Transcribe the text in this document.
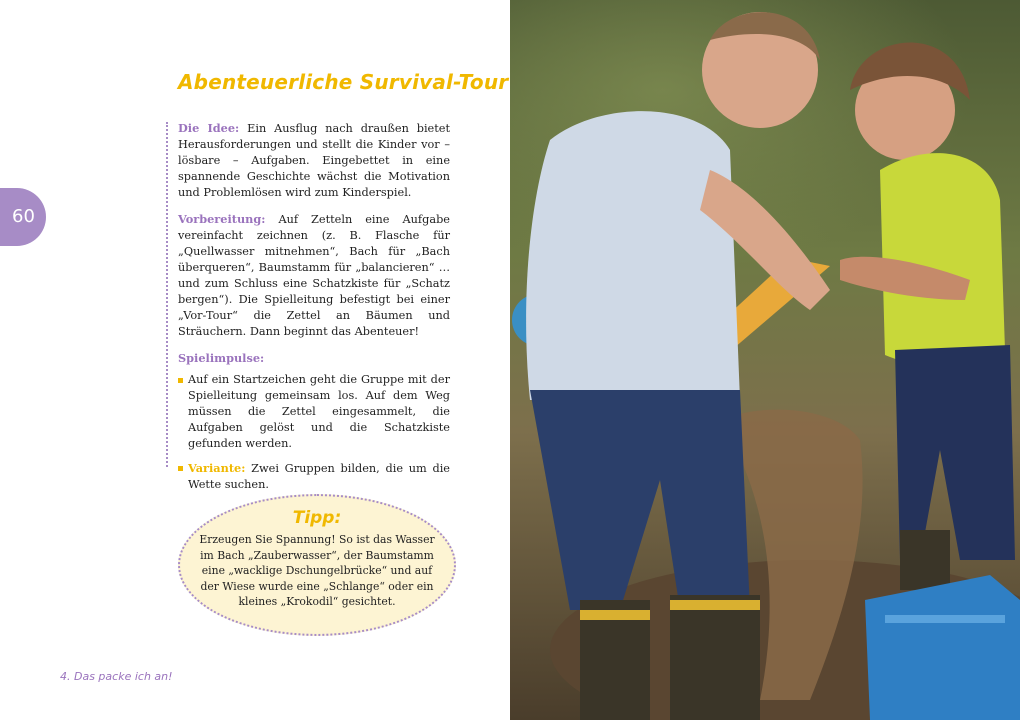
60
Abenteuerliche Survival-Tour

Die Idee: Ein Ausflug nach draußen bietet Herausforderungen und stellt die Kinder vor – lösbare – Aufgaben. Eingebettet in eine spannende Geschichte wächst die Motivation und Problemlösen wird zum Kinderspiel.

Vorbereitung: Auf Zetteln eine Aufgabe vereinfacht zeichnen (z. B. Flasche für „Quellwasser mitnehmen“, Bach für „Bach überqueren“, Baumstamm für „balancieren“ … und zum Schluss eine Schatzkiste für „Schatz bergen“). Die Spielleitung befestigt bei einer „Vor-Tour“ die Zettel an Bäumen und Sträuchern. Dann beginnt das Abenteuer!

Spielimpulse:
Auf ein Startzeichen geht die Gruppe mit der Spielleitung gemeinsam los. Auf dem Weg müssen die Zettel eingesammelt, die Aufgaben gelöst und die Schatzkiste gefunden werden.
Variante: Zwei Gruppen bilden, die um die Wette suchen.
Tipp:
Erzeugen Sie Spannung! So ist das Wasser im Bach „Zauberwasser“, der Baumstamm eine „wacklige Dschungelbrücke“ und auf der Wiese wurde eine „Schlange“ oder ein kleines „Krokodil“ gesichtet.
4. Das packe ich an!
